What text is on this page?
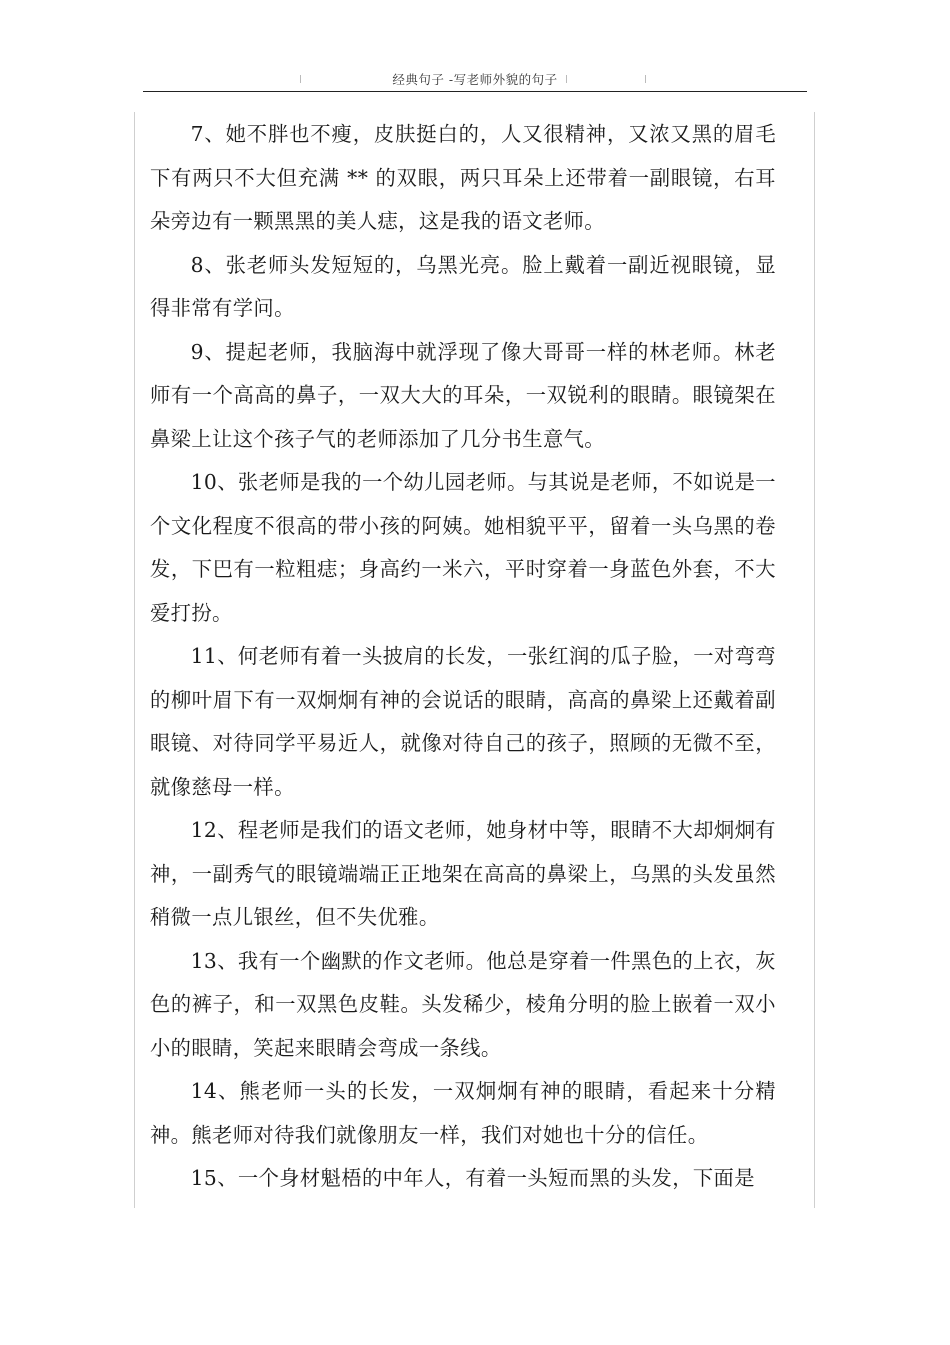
经典句子 -写老师外貌的句子

7、她不胖也不瘦，皮肤挺白的，人又很精神，又浓又黑的眉毛下有两只不大但充满 ** 的双眼，两只耳朵上还带着一副眼镜，右耳朵旁边有一颗黑黑的美人痣，这是我的语文老师。

8、张老师头发短短的，乌黑光亮。脸上戴着一副近视眼镜，显得非常有学问。

9、提起老师，我脑海中就浮现了像大哥哥一样的林老师。林老师有一个高高的鼻子，一双大大的耳朵，一双锐利的眼睛。眼镜架在鼻梁上让这个孩子气的老师添加了几分书生意气。

10、张老师是我的一个幼儿园老师。与其说是老师，不如说是一个文化程度不很高的带小孩的阿姨。她相貌平平，留着一头乌黑的卷发，下巴有一粒粗痣；身高约一米六，平时穿着一身蓝色外套，不大爱打扮。

11、何老师有着一头披肩的长发，一张红润的瓜子脸，一对弯弯的柳叶眉下有一双炯炯有神的会说话的眼睛，高高的鼻梁上还戴着副眼镜、对待同学平易近人，就像对待自己的孩子，照顾的无微不至，就像慈母一样。

12、程老师是我们的语文老师，她身材中等，眼睛不大却炯炯有神，一副秀气的眼镜端端正正地架在高高的鼻梁上，乌黑的头发虽然稍微一点儿银丝，但不失优雅。

13、我有一个幽默的作文老师。他总是穿着一件黑色的上衣，灰色的裤子，和一双黑色皮鞋。头发稀少，棱角分明的脸上嵌着一双小小的眼睛，笑起来眼睛会弯成一条线。

14、熊老师一头的长发，一双炯炯有神的眼睛，看起来十分精神。熊老师对待我们就像朋友一样，我们对她也十分的信任。

15、一个身材魁梧的中年人，有着一头短而黑的头发，下面是
